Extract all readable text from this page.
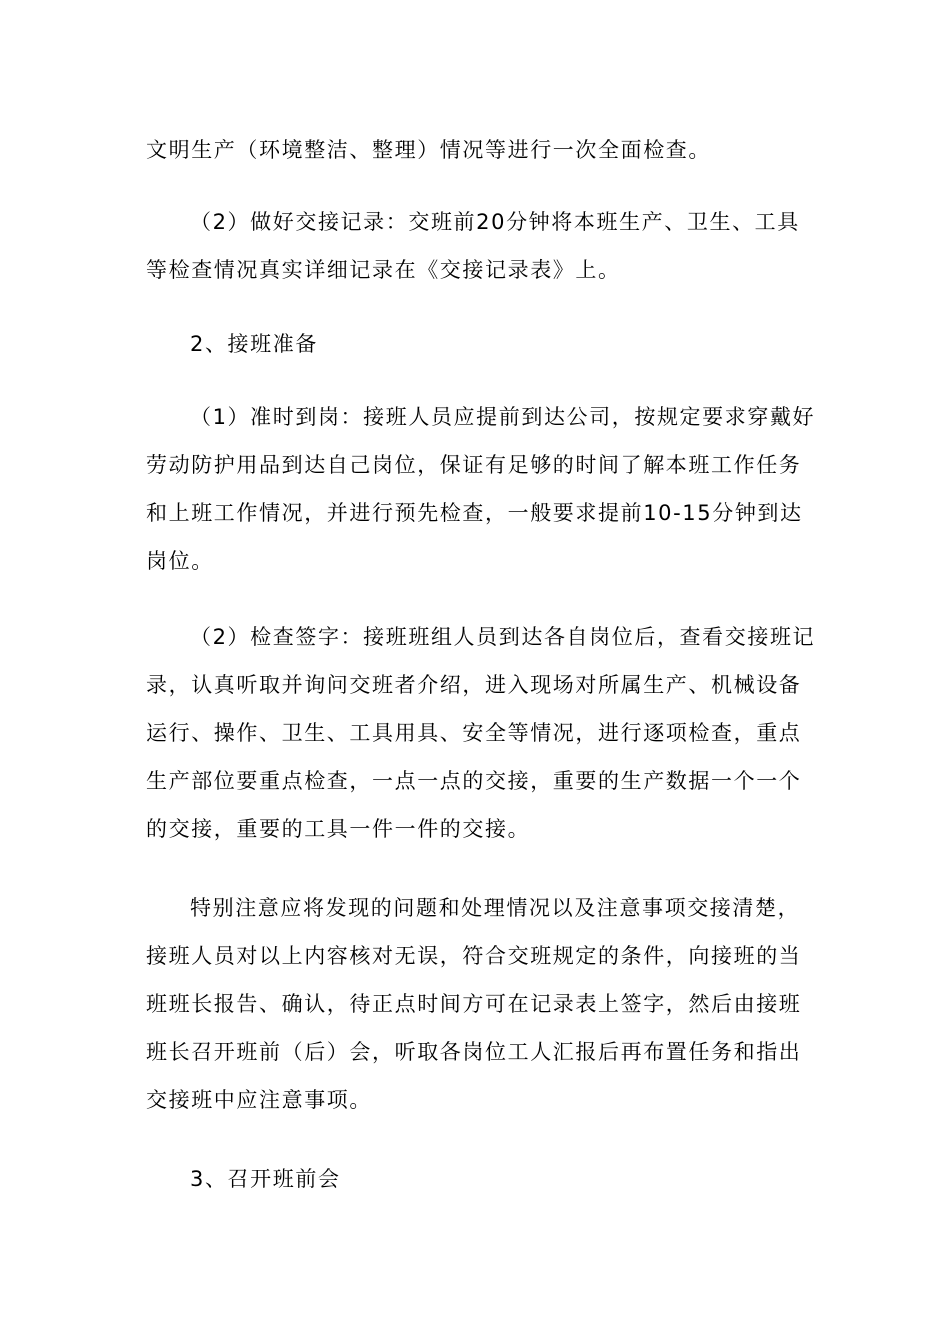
文明生产（环境整洁、整理）情况等进行一次全面检查。
（2）做好交接记录：交班前20分钟将本班生产、卫生、工具
等检查情况真实详细记录在《交接记录表》上。
2、接班准备
（1）准时到岗：接班人员应提前到达公司，按规定要求穿戴好
劳动防护用品到达自己岗位，保证有足够的时间了解本班工作任务
和上班工作情况，并进行预先检查，一般要求提前10-15分钟到达
岗位。
（2）检查签字：接班班组人员到达各自岗位后，查看交接班记
录，认真听取并询问交班者介绍，进入现场对所属生产、机械设备
运行、操作、卫生、工具用具、安全等情况，进行逐项检查，重点
生产部位要重点检查，一点一点的交接，重要的生产数据一个一个
的交接，重要的工具一件一件的交接。
特别注意应将发现的问题和处理情况以及注意事项交接清楚，
接班人员对以上内容核对无误，符合交班规定的条件，向接班的当
班班长报告、确认，待正点时间方可在记录表上签字，然后由接班
班长召开班前（后）会，听取各岗位工人汇报后再布置任务和指出
交接班中应注意事项。
3、召开班前会
